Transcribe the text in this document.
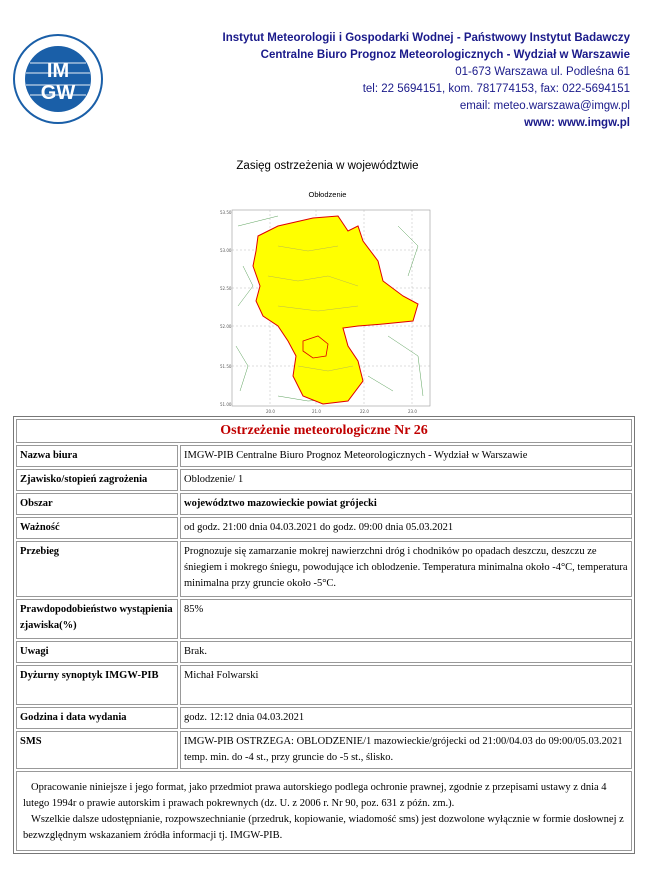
IM
GW
Instytut Meteorologii i Gospodarki Wodnej - Państwowy Instytut Badawczy
Centralne Biuro Prognoz Meteorologicznych - Wydział w Warszawie
01-673 Warszawa ul. Podleśna 61
tel: 22 5694151, kom. 781774153, fax: 022-5694151
email: meteo.warszawa@imgw.pl
www: www.imgw.pl
Zasięg ostrzeżenia w województwie
Obłodzenie
53.50
53.00
52.50
52.00
51.50
51.00
20.0	21.0	22.0	23.0
Ostrzeżenie meteorologiczne Nr 26	
Nazwa biura	IMGW-PIB Centralne Biuro Prognoz Meteorologicznych - Wydział w Warszawie
Zjawisko/stopień zagrożenia	Oblodzenie/ 1
Obszar	województwo mazowieckie powiat grójecki
Ważność	od godz. 21:00 dnia 04.03.2021 do godz. 09:00 dnia 05.03.2021
Przebieg	Prognozuje się zamarzanie mokrej nawierzchni dróg i chodników po opadach deszczu, deszczu ze śniegiem i mokrego śniegu, powodujące ich oblodzenie. Temperatura minimalna około -4°C, temperatura minimalna przy gruncie około -5°C.
Prawdopodobieństwo wystąpienia zjawiska(%)	85%
Uwagi	Brak.
Dyżurny synoptyk IMGW-PIB	Michał Folwarski
Godzina i data wydania	godz. 12:12 dnia 04.03.2021
SMS	IMGW-PIB OSTRZEGA: OBLODZENIE/1 mazowieckie/grójecki od 21:00/04.03 do 09:00/05.03.2021 temp. min. do -4 st., przy gruncie do -5 st., ślisko.
Opracowanie niniejsze i jego format, jako przedmiot prawa autorskiego podlega ochronie prawnej, zgodnie z przepisami ustawy z dnia 4 lutego 1994r o prawie autorskim i prawach pokrewnych (dz. U. z 2006 r. Nr 90, poz. 631 z późn. zm.).
Wszelkie dalsze udostępnianie, rozpowszechnianie (przedruk, kopiowanie, wiadomość sms) jest dozwolone wyłącznie w formie dosłownej z bezwzględnym wskazaniem źródła informacji tj. IMGW-PIB.
